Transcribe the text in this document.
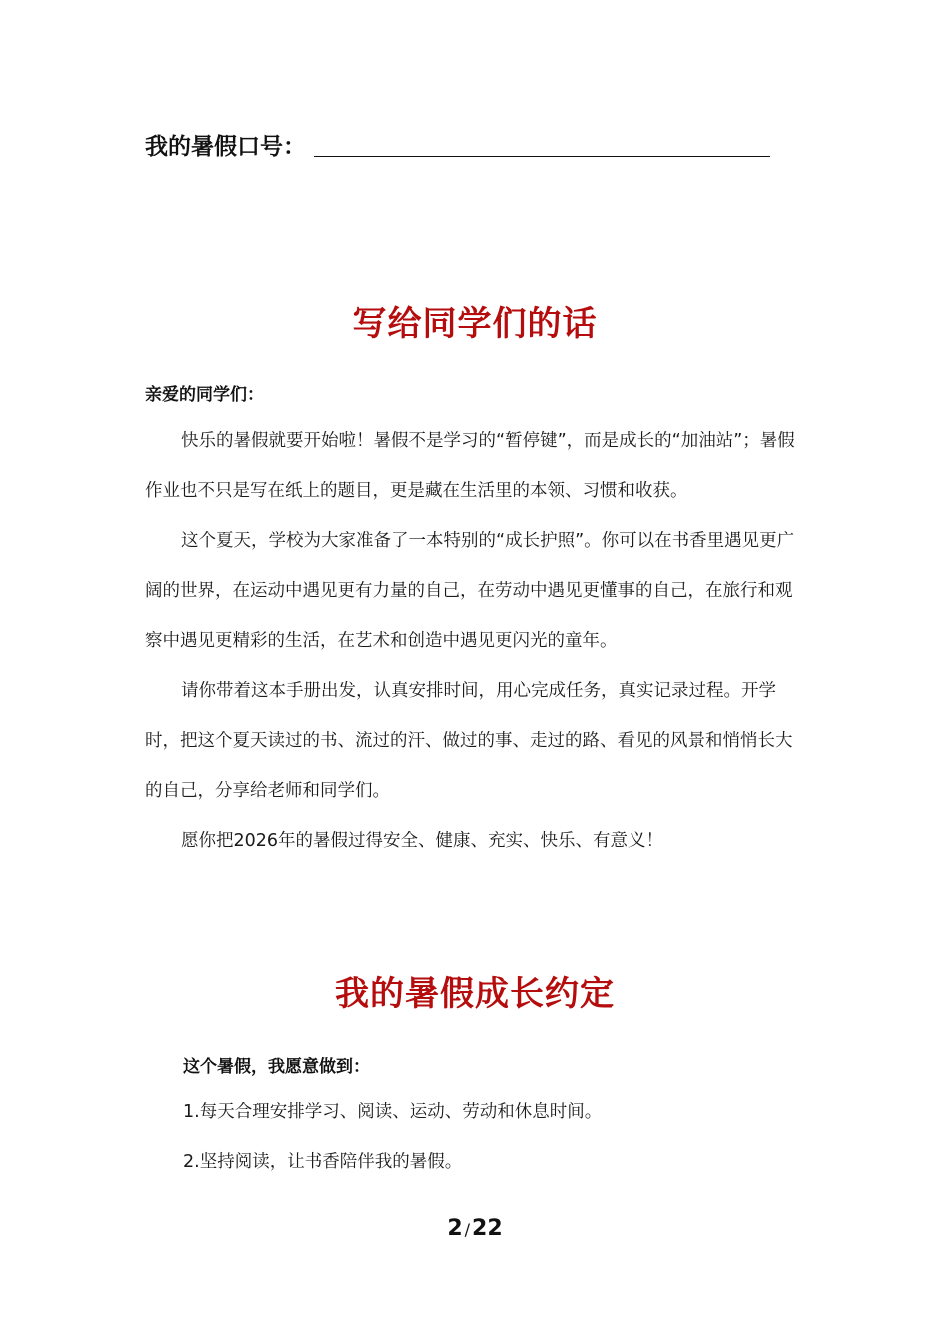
我的暑假口号：
写给同学们的话
亲爱的同学们：

快乐的暑假就要开始啦！暑假不是学习的“暂停键”，而是成长的“加油站”；暑假作业也不只是写在纸上的题目，更是藏在生活里的本领、习惯和收获。

这个夏天，学校为大家准备了一本特别的“成长护照”。你可以在书香里遇见更广阔的世界，在运动中遇见更有力量的自己，在劳动中遇见更懂事的自己，在旅行和观察中遇见更精彩的生活，在艺术和创造中遇见更闪光的童年。

请你带着这本手册出发，认真安排时间，用心完成任务，真实记录过程。开学时，把这个夏天读过的书、流过的汗、做过的事、走过的路、看见的风景和悄悄长大的自己，分享给老师和同学们。

愿你把2026年的暑假过得安全、健康、充实、快乐、有意义！

我的暑假成长约定
这个暑假，我愿意做到：
1.每天合理安排学习、阅读、运动、劳动和休息时间。
2.坚持阅读，让书香陪伴我的暑假。
2 /22
